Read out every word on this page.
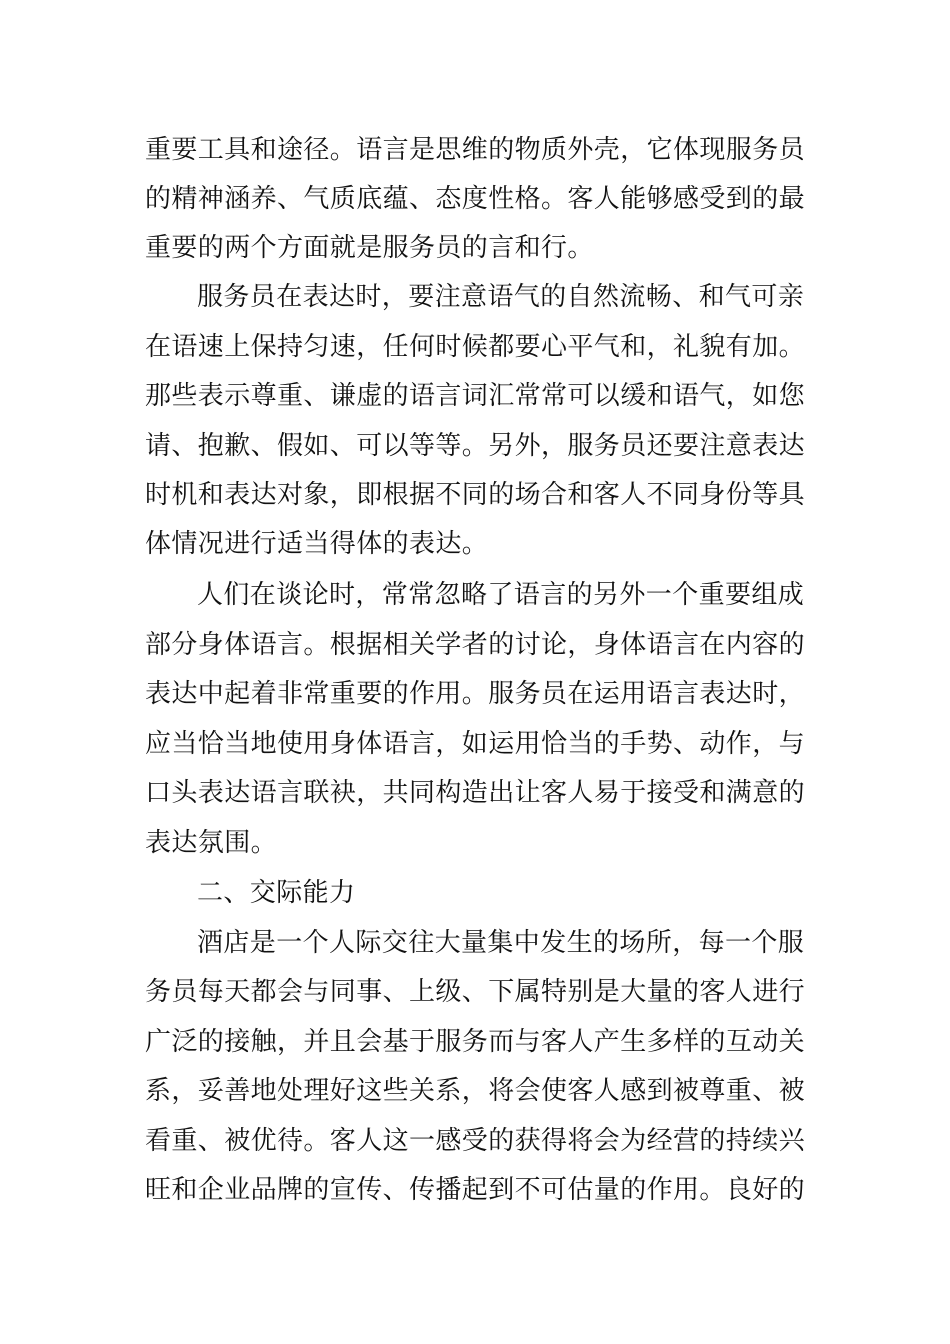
重要工具和途径。语言是思维的物质外壳，它体现服务员
的精神涵养、气质底蕴、态度性格。客人能够感受到的最
重要的两个方面就是服务员的言和行。
服务员在表达时，要注意语气的自然流畅、和气可亲
在语速上保持匀速，任何时候都要心平气和，礼貌有加。
那些表示尊重、谦虚的语言词汇常常可以缓和语气，如您
请、抱歉、假如、可以等等。另外，服务员还要注意表达
时机和表达对象，即根据不同的场合和客人不同身份等具
体情况进行适当得体的表达。
人们在谈论时，常常忽略了语言的另外一个重要组成
部分身体语言。根据相关学者的讨论，身体语言在内容的
表达中起着非常重要的作用。服务员在运用语言表达时，
应当恰当地使用身体语言，如运用恰当的手势、动作，与
口头表达语言联袂，共同构造出让客人易于接受和满意的
表达氛围。
二、交际能力
酒店是一个人际交往大量集中发生的场所，每一个服
务员每天都会与同事、上级、下属特别是大量的客人进行
广泛的接触，并且会基于服务而与客人产生多样的互动关
系，妥善地处理好这些关系，将会使客人感到被尊重、被
看重、被优待。客人这一感受的获得将会为经营的持续兴
旺和企业品牌的宣传、传播起到不可估量的作用。良好的
